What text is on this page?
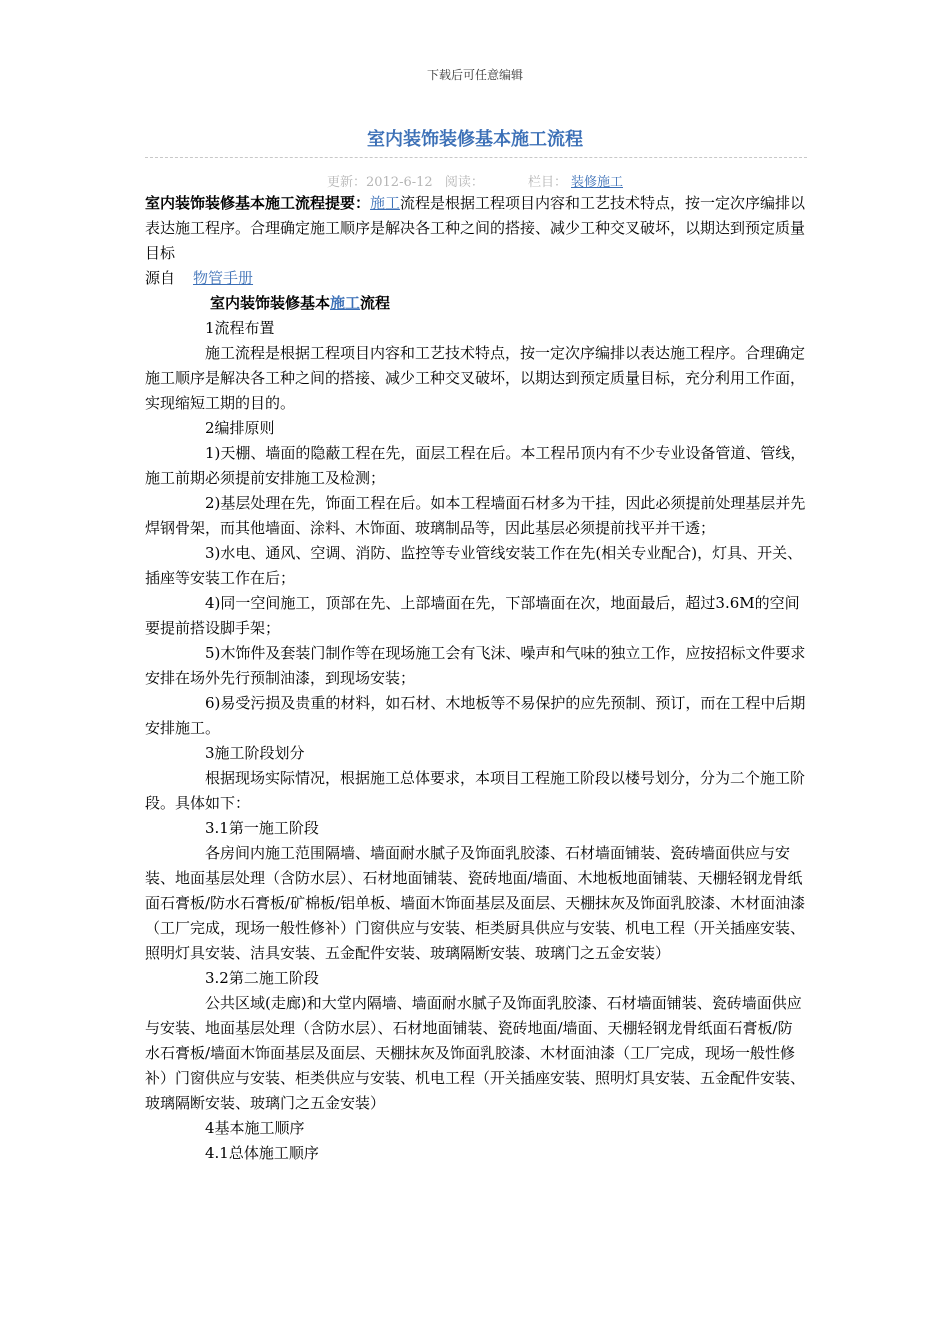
下载后可任意编辑
室内装饰装修基本施工流程
更新：2012-6-12 阅读：	栏目： 装修施工

室内装饰装修基本施工流程提要：施工流程是根据工程项目内容和工艺技术特点，按一定次序编排以表达施工程序。合理确定施工顺序是解决各工种之间的搭接、减少工种交叉破坏，以期达到预定质量目标

源自 物管手册

室内装饰装修基本施工流程

1流程布置

施工流程是根据工程项目内容和工艺技术特点，按一定次序编排以表达施工程序。合理确定施工顺序是解决各工种之间的搭接、减少工种交叉破坏，以期达到预定质量目标，充分利用工作面，实现缩短工期的目的。

2编排原则

1)天棚、墙面的隐蔽工程在先，面层工程在后。本工程吊顶内有不少专业设备管道、管线，施工前期必须提前安排施工及检测；

2)基层处理在先，饰面工程在后。如本工程墙面石材多为干挂，因此必须提前处理基层并先焊钢骨架，而其他墙面、涂料、木饰面、玻璃制品等，因此基层必须提前找平并干透；

3)水电、通风、空调、消防、监控等专业管线安装工作在先(相关专业配合)，灯具、开关、插座等安装工作在后；

4)同一空间施工，顶部在先、上部墙面在先，下部墙面在次，地面最后，超过3.6M的空间要提前搭设脚手架；

5)木饰件及套装门制作等在现场施工会有飞沫、噪声和气味的独立工作，应按招标文件要求安排在场外先行预制油漆，到现场安装；

6)易受污损及贵重的材料，如石材、木地板等不易保护的应先预制、预订，而在工程中后期安排施工。

3施工阶段划分

根据现场实际情况，根据施工总体要求，本项目工程施工阶段以楼号划分，分为二个施工阶段。具体如下：

3.1第一施工阶段

各房间内施工范围隔墙、墙面耐水腻子及饰面乳胶漆、石材墙面铺装、瓷砖墙面供应与安装、地面基层处理（含防水层）、石材地面铺装、瓷砖地面/墙面、木地板地面铺装、天棚轻钢龙骨纸面石膏板/防水石膏板/矿棉板/铝单板、墙面木饰面基层及面层、天棚抹灰及饰面乳胶漆、木材面油漆（工厂完成，现场一般性修补）门窗供应与安装、柜类厨具供应与安装、机电工程（开关插座安装、照明灯具安装、洁具安装、五金配件安装、玻璃隔断安装、玻璃门之五金安装）

3.2第二施工阶段

公共区域(走廊)和大堂内隔墙、墙面耐水腻子及饰面乳胶漆、石材墙面铺装、瓷砖墙面供应与安装、地面基层处理（含防水层）、石材地面铺装、瓷砖地面/墙面、天棚轻钢龙骨纸面石膏板/防水石膏板/墙面木饰面基层及面层、天棚抹灰及饰面乳胶漆、木材面油漆（工厂完成，现场一般性修补）门窗供应与安装、柜类供应与安装、机电工程（开关插座安装、照明灯具安装、五金配件安装、玻璃隔断安装、玻璃门之五金安装）

4基本施工顺序

4.1总体施工顺序
